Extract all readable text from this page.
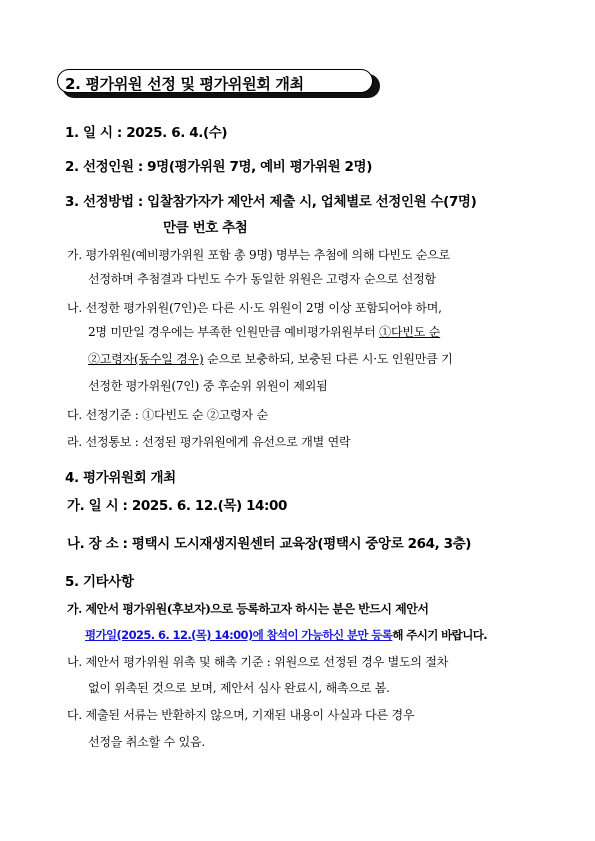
2. 평가위원 선정 및 평가위원회 개최
1. 일 시 : 2025. 6. 4.(수)
2. 선정인원 : 9명(평가위원 7명, 예비 평가위원 2명)
3. 선정방법 : 입찰참가자가 제안서 제출 시, 업체별로 선정인원 수(7명)
만큼 번호 추첨
가. 평가위원(예비평가위원 포함 총 9명) 명부는 추첨에 의해 다빈도 순으로
선정하며 추첨결과 다빈도 수가 동일한 위원은 고령자 순으로 선정함
나. 선정한 평가위원(7인)은 다른 시·도 위원이 2명 이상 포함되어야 하며,
2명 미만일 경우에는 부족한 인원만큼 예비평가위원부터 ①다빈도 순
②고령자(동수일 경우) 순으로 보충하되, 보충된 다른 시·도 인원만큼 기
선정한 평가위원(7인) 중 후순위 위원이 제외됨
다. 선정기준 : ①다빈도 순 ②고령자 순
라. 선정통보 : 선정된 평가위원에게 유선으로 개별 연락
4. 평가위원회 개최
가. 일 시 : 2025. 6. 12.(목) 14:00
나. 장 소 : 평택시 도시재생지원센터 교육장(평택시 중앙로 264, 3층)
5. 기타사항
가. 제안서 평가위원(후보자)으로 등록하고자 하시는 분은 반드시 제안서
평가일(2025. 6. 12.(목) 14:00)에 참석이 가능하신 분만 등록해 주시기 바랍니다.
나. 제안서 평가위원 위촉 및 해촉 기준 : 위원으로 선정된 경우 별도의 절차
없이 위촉된 것으로 보며, 제안서 심사 완료시, 해촉으로 봄.
다. 제출된 서류는 반환하지 않으며, 기재된 내용이 사실과 다른 경우
선정을 취소할 수 있음.
